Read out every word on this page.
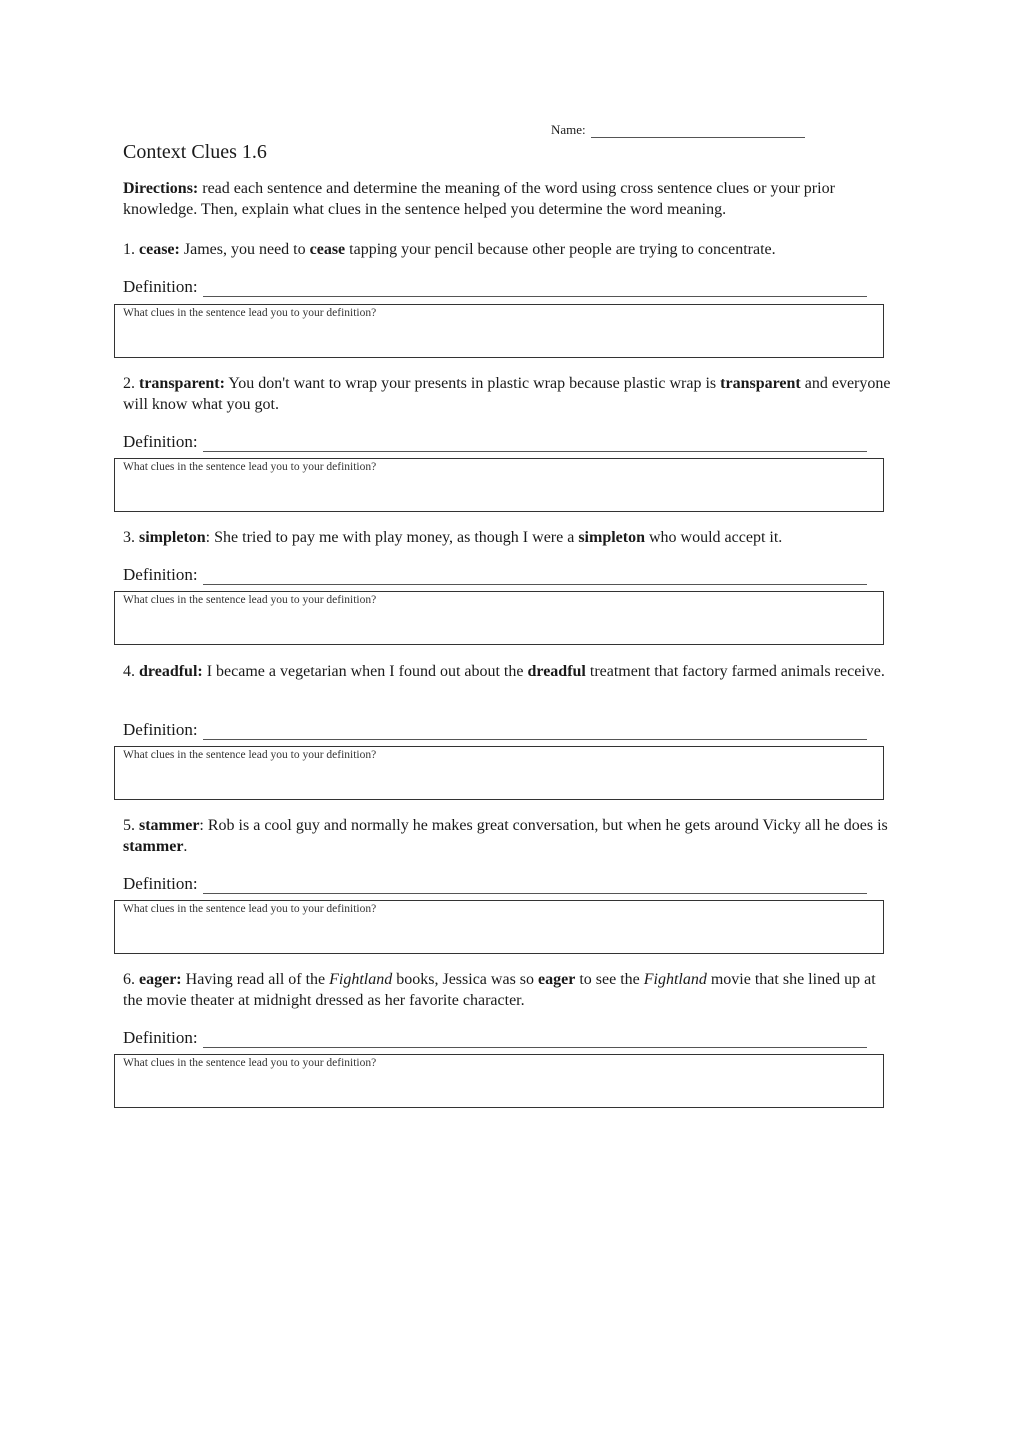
Name:
Context Clues 1.6

Directions: read each sentence and determine the meaning of the word using cross sentence clues or your prior knowledge. Then, explain what clues in the sentence helped you determine the word meaning.

1. cease: James, you need to cease tapping your pencil because other people are trying to concentrate.

Definition:
What clues in the sentence lead you to your definition?

2. transparent: You don't want to wrap your presents in plastic wrap because plastic wrap is transparent and everyone will know what you got.

Definition:
What clues in the sentence lead you to your definition?

3. simpleton: She tried to pay me with play money, as though I were a simpleton who would accept it.

Definition:
What clues in the sentence lead you to your definition?

4. dreadful: I became a vegetarian when I found out about the dreadful treatment that factory farmed animals receive.

Definition:
What clues in the sentence lead you to your definition?

5. stammer: Rob is a cool guy and normally he makes great conversation, but when he gets around Vicky all he does is stammer.

Definition:
What clues in the sentence lead you to your definition?

6. eager: Having read all of the Fightland books, Jessica was so eager to see the Fightland movie that she lined up at the movie theater at midnight dressed as her favorite character.

Definition:
What clues in the sentence lead you to your definition?
